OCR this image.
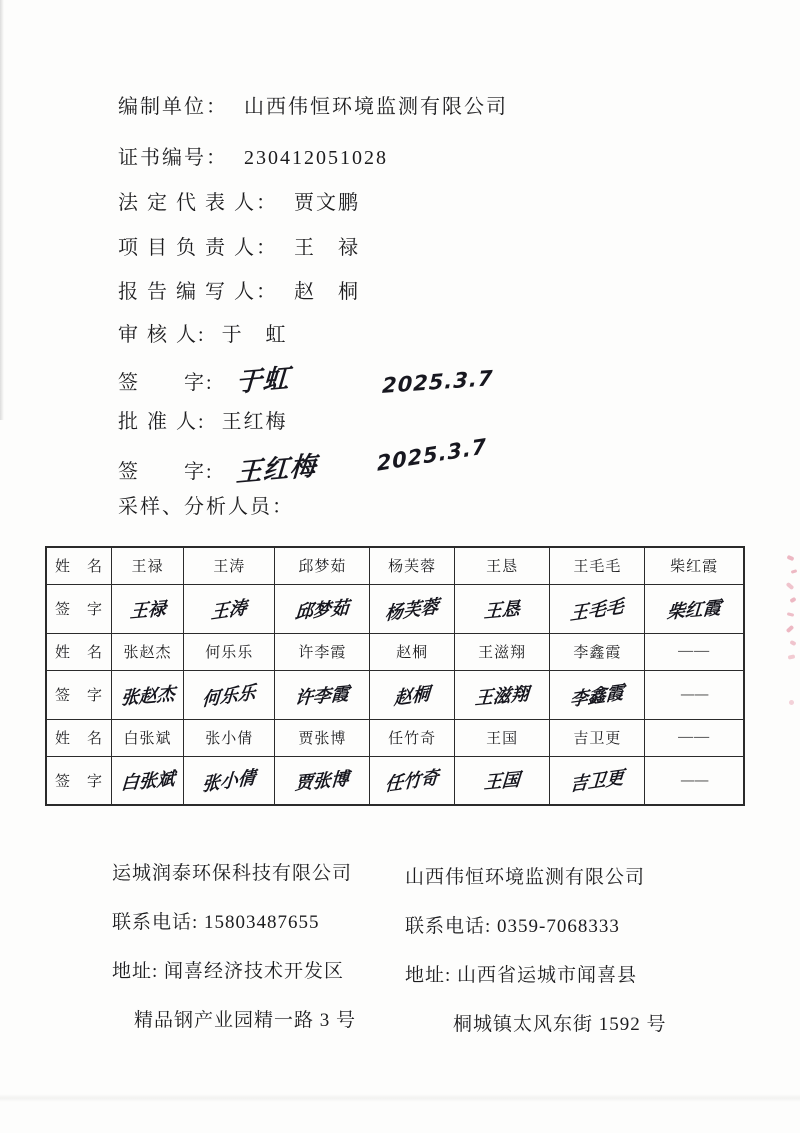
编制单位： 山西伟恒环境监测有限公司
证书编号： 230412051028
法 定 代 表 人： 贾文鹏
项 目 负 责 人： 王　禄
报 告 编 写 人： 赵　桐
审 核 人: 于　虹
签　　字: 于虹	2025.3.7
批 准 人: 王红梅
签　　字: 王红梅	2025.3.7
采样、分析人员：
姓　名	王禄	王涛	邱梦茹	杨芙蓉	王恳	王毛毛	柴红霞
签　字	王禄	王涛	邱梦茹	杨芙蓉	王恳	王毛毛	柴红霞
姓　名	张赵杰	何乐乐	许李霞	赵桐	王滋翔	李鑫霞	——
签　字	张赵杰	何乐乐	许李霞	赵桐	王滋翔	李鑫霞	——
姓　名	白张斌	张小倩	贾张博	任竹奇	王国	吉卫更	——
签　字	白张斌	张小倩	贾张博	任竹奇	王国	吉卫更	——
运城润泰环保科技有限公司
联系电话: 15803487655
地址: 闻喜经济技术开发区
精品钢产业园精一路 3 号
山西伟恒环境监测有限公司
联系电话: 0359-7068333
地址: 山西省运城市闻喜县
桐城镇太风东街 1592 号
